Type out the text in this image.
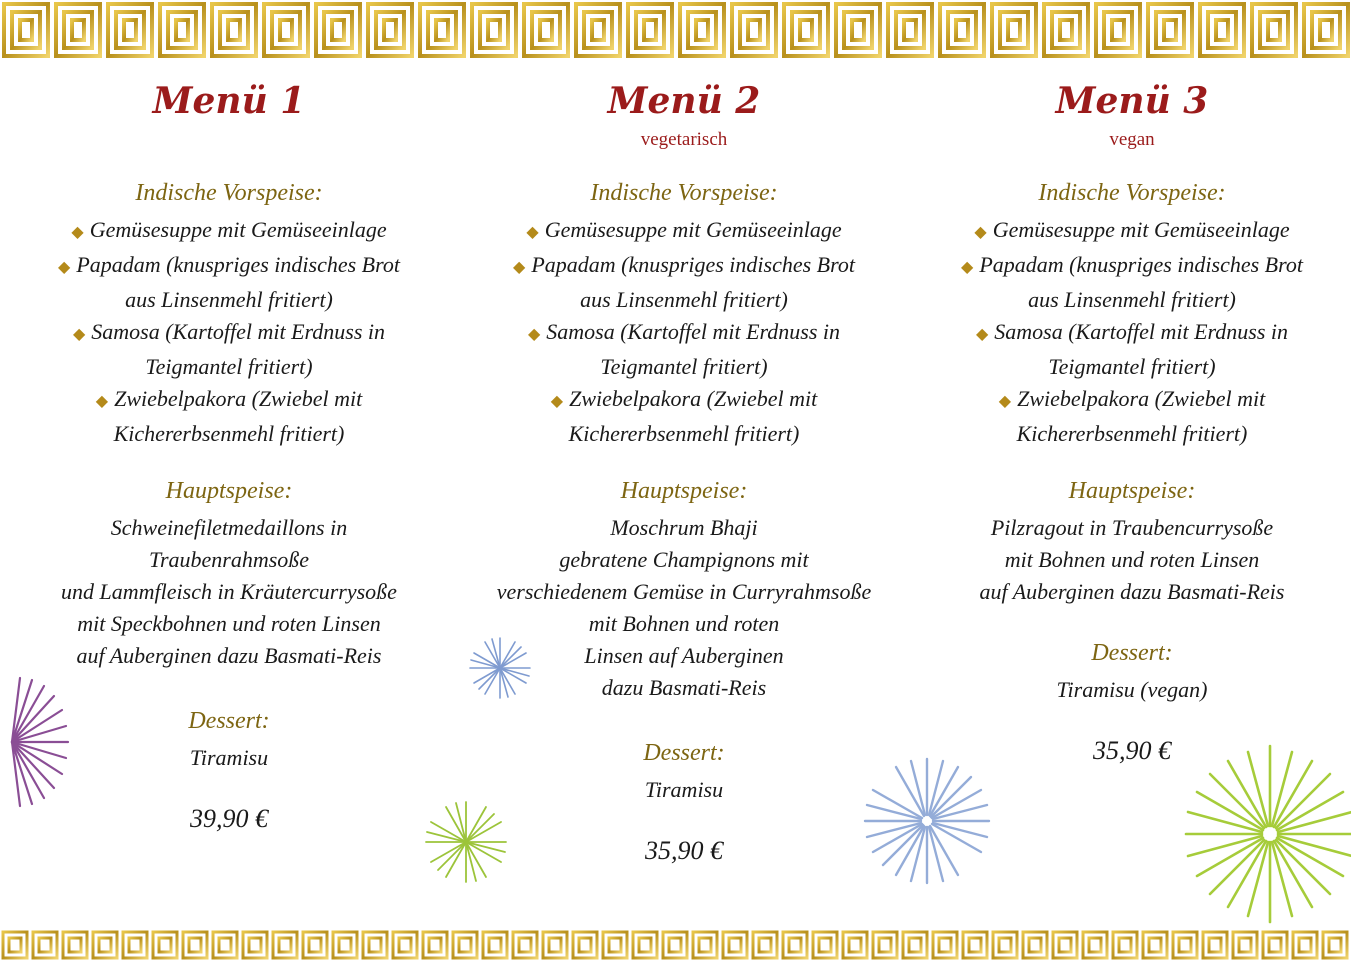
Menü 1
Indische Vorspeise:
◆ Gemüsesuppe mit Gemüseeinlage
◆ Papadam (knuspriges indisches Brot
aus Linsenmehl fritiert)
◆ Samosa (Kartoffel mit Erdnuss in
Teigmantel fritiert)
◆ Zwiebelpakora (Zwiebel mit
Kichererbsenmehl fritiert)
Hauptspeise:

Schweinefiletmedaillons in

Traubenrahmsoße

und Lammfleisch in Kräutercurrysoße

mit Speckbohnen und roten Linsen

auf Auberginen dazu Basmati-Reis

Dessert:

Tiramisu

39,90 €

Menü 2

vegetarisch

Indische Vorspeise:
◆ Gemüsesuppe mit Gemüseeinlage
◆ Papadam (knuspriges indisches Brot
aus Linsenmehl fritiert)
◆ Samosa (Kartoffel mit Erdnuss in
Teigmantel fritiert)
◆ Zwiebelpakora (Zwiebel mit
Kichererbsenmehl fritiert)
Hauptspeise:

Moschrum Bhaji

gebratene Champignons mit

verschiedenem Gemüse in Curryrahmsoße

mit Bohnen und roten

Linsen auf Auberginen

dazu Basmati-Reis

Dessert:

Tiramisu

35,90 €

Menü 3

vegan

Indische Vorspeise:
◆ Gemüsesuppe mit Gemüseeinlage
◆ Papadam (knuspriges indisches Brot
aus Linsenmehl fritiert)
◆ Samosa (Kartoffel mit Erdnuss in
Teigmantel fritiert)
◆ Zwiebelpakora (Zwiebel mit
Kichererbsenmehl fritiert)
Hauptspeise:

Pilzragout in Traubencurrysoße

mit Bohnen und roten Linsen

auf Auberginen dazu Basmati-Reis

Dessert:

Tiramisu (vegan)

35,90 €
